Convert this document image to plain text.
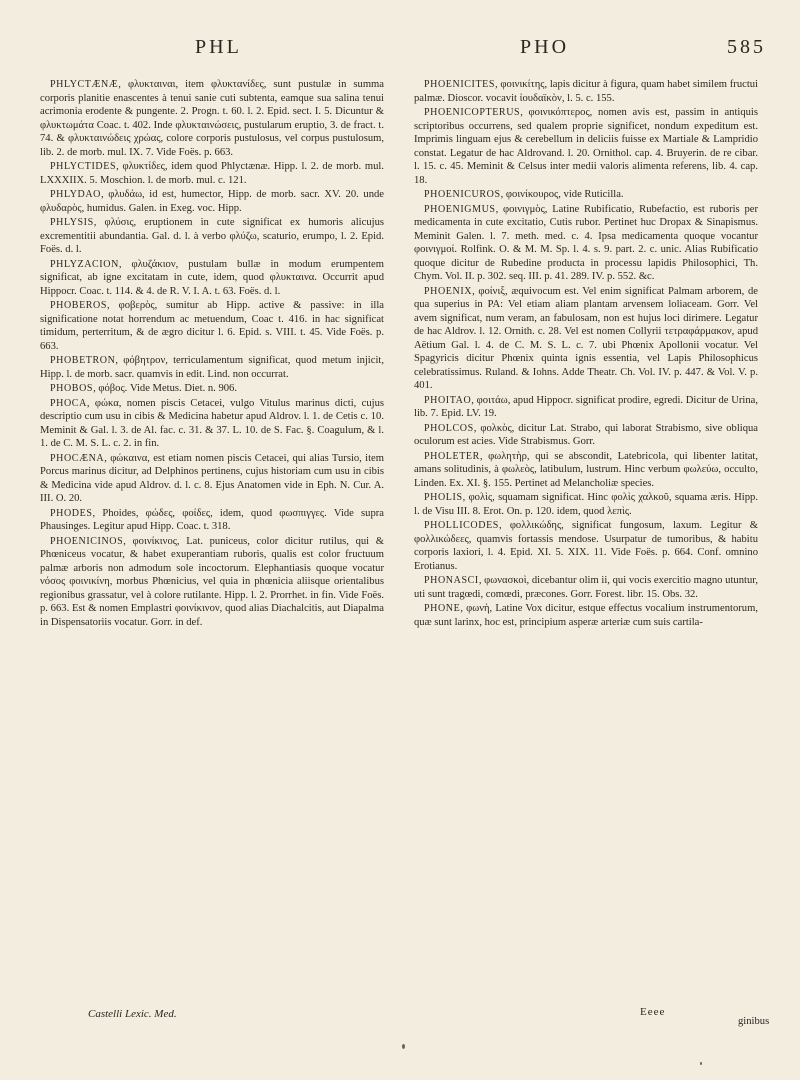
PHL	PHO	585

PHLYCTÆNÆ, φλυκταιναι, item φλυκτανίδες, sunt pustulæ in summa corporis planitie enascentes à tenui sanie cuti subtenta, eamque sua salina tenui acrimonia erodente & pungente. 2. Progn. t. 60. l. 2. Epid. sect. I. 5. Dicuntur & φλυκτωμάτα Coac. t. 402. Inde φλυκταινώσεις, pustularum eruptio, 3. de fract. t. 74. & φλυκταινώδεις χρώας, colore corporis pustulosus, vel corpus pustulosum, lib. 2. de morb. mul. IX. 7. Vide Foës. p. 663.

PHLYCTIDES, φλυκτίδες, idem quod Phlyctænæ. Hipp. l. 2. de morb. mul. LXXXIIX. 5. Moschion. l. de morb. mul. c. 121.

PHLYDAO, φλυδάω, id est, humector, Hipp. de morb. sacr. XV. 20. unde φλυδαρὸς, humidus. Galen. in Exeg. voc. Hipp.

PHLYSIS, φλύσις, eruptionem in cute significat ex humoris alicujus excrementitii abundantia. Gal. d. l. à verbo φλύζω, scaturio, erumpo, l. 2. Epid. Foës. d. l.

PHLYZACION, φλυζάκιον, pustulam bullæ in modum erumpentem significat, ab igne excitatam in cute, idem, quod φλυκταινα. Occurrit apud Hippocr. Coac. t. 114. & 4. de R. V. I. A. t. 63. Foës. d. l.

PHOBEROS, φοβερὸς, sumitur ab Hipp. active & passive: in illa significatione notat horrendum ac metuendum, Coac t. 416. in hac significat timidum, perterritum, & de ægro dicitur l. 6. Epid. s. VIII. t. 45. Vide Foës. p. 663.

PHOBETRON, φόβητρον, terriculamentum significat, quod metum injicit, Hipp. l. de morb. sacr. quamvis in edit. Lind. non occurrat.

PHOBOS, φόβος. Vide Metus. Diet. n. 906.

PHOCA, φώκα, nomen piscis Cetacei, vulgo Vitulus marinus dicti, cujus descriptio cum usu in cibis & Medicina habetur apud Aldrov. l. 1. de Cetis c. 10. Meminit & Gal. l. 3. de Al. fac. c. 31. & 37. L. 10. de S. Fac. §. Coagulum, & l. 1. de C. M. S. L. c. 2. in fin.

PHOCÆNA, φώκαινα, est etiam nomen piscis Cetacei, qui alias Tursio, item Porcus marinus dicitur, ad Delphinos pertinens, cujus historiam cum usu in cibis & Medicina vide apud Aldrov. d. l. c. 8. Ejus Anatomen vide in Eph. N. Cur. A. III. O. 20.

PHODES, Phoides, φώδες, φοίδες, idem, quod φωσπιγγες. Vide supra Phausinges. Legitur apud Hipp. Coac. t. 318.

PHOENICINOS, φοινίκινος, Lat. puniceus, color dicitur rutilus, qui & Phœniceus vocatur, & habet exuperantiam ruboris, qualis est color fructuum palmæ arboris non admodum sole incoctorum. Elephantiasis quoque vocatur νόσος φοινικίνη, morbus Phœnicius, vel quia in phœnicia aliisque orientalibus regionibus grassatur, vel à colore rutilante. Hipp. l. 2. Prorrhet. in fin. Vide Foës. p. 663. Est & nomen Emplastri φοινίκινον, quod alias Diachalcitis, aut Diapalma in Dispensatoriis vocatur. Gorr. in def.

PHOENICITES, φοινικίτης, lapis dicitur à figura, quam habet similem fructui palmæ. Dioscor. vocavit ἰουδαϊκὸν, l. 5. c. 155.

PHOENICOPTERUS, φοινικόπτερος, nomen avis est, passim in antiquis scriptoribus occurrens, sed qualem proprie significet, nondum expeditum est. Imprimis linguam ejus & cerebellum in deliciis fuisse ex Martiale & Lampridio constat. Legatur de hac Aldrovand. l. 20. Ornithol. cap. 4. Bruyerin. de re cibar. l. 15. c. 45. Meminit & Celsus inter medii valoris alimenta referens, lib. 4. cap. 18.

PHOENICUROS, φοινίκουρος, vide Ruticilla.

PHOENIGMUS, φοινιγμὸς, Latine Rubificatio, Rubefactio, est ruboris per medicamenta in cute excitatio, Cutis rubor. Pertinet huc Dropax & Sinapismus. Meminit Galen. l. 7. meth. med. c. 4. Ipsa medicamenta quoque vocantur φοινιγμοί. Rolfink. O. & M. M. Sp. l. 4. s. 9. part. 2. c. unic. Alias Rubificatio quoque dicitur de Rubedine producta in processu lapidis Philosophici, Th. Chym. Vol. II. p. 302. seq. III. p. 41. 289. IV. p. 552. &c.

PHOENIX, φοίνιξ, æquivocum est. Vel enim significat Palmam arborem, de qua superius in PA: Vel etiam aliam plantam arvensem loliaceam. Gorr. Vel avem significat, num veram, an fabulosam, non est hujus loci dirimere. Legatur de hac Aldrov. l. 12. Ornith. c. 28. Vel est nomen Collyrii τετραφάρμακον, apud Aëtium Gal. l. 4. de C. M. S. L. c. 7. ubi Phœnix Apollonii vocatur. Vel Spagyricis dicitur Phœnix quinta ignis essentia, vel Lapis Philosophicus celebratissimus. Ruland. & Iohns. Adde Theatr. Ch. Vol. IV. p. 447. & Vol. V. p. 401.

PHOITAO, φοιτάω, apud Hippocr. significat prodire, egredi. Dicitur de Urina, lib. 7. Epid. LV. 19.

PHOLCOS, φολκὸς, dicitur Lat. Strabo, qui laborat Strabismo, sive obliqua oculorum est acies. Vide Strabismus. Gorr.

PHOLETER, φωλητὴρ, qui se abscondit, Latebricola, qui libenter latitat, amans solitudinis, à φωλεὸς, latibulum, lustrum. Hinc verbum φωλεύω, occulto, Linden. Ex. XI. §. 155. Pertinet ad Melancholiæ species.

PHOLIS, φολὶς, squamam significat. Hinc φολὶς χαλκοῦ, squama æris. Hipp. l. de Visu III. 8. Erot. On. p. 120. idem, quod λεπὶς.

PHOLLICODES, φολλικώδης, significat fungosum, laxum. Legitur & φολλικώδεες, quamvis fortassis mendose. Usurpatur de tumoribus, & habitu corporis laxiori, l. 4. Epid. XI. 5. XIX. 11. Vide Foës. p. 664. Conf. omnino Erotianus.

PHONASCI, φωνασκοὶ, dicebantur olim ii, qui vocis exercitio magno utuntur, uti sunt tragœdi, comœdi, præcones. Gorr. Forest. libr. 15. Obs. 32.

PHONE, φωνὴ, Latine Vox dicitur, estque effectus vocalium instrumentorum, quæ sunt larinx, hoc est, principium asperæ arteriæ cum suis cartila-

Castelli Lexic. Med.	Eeee
ginibus
